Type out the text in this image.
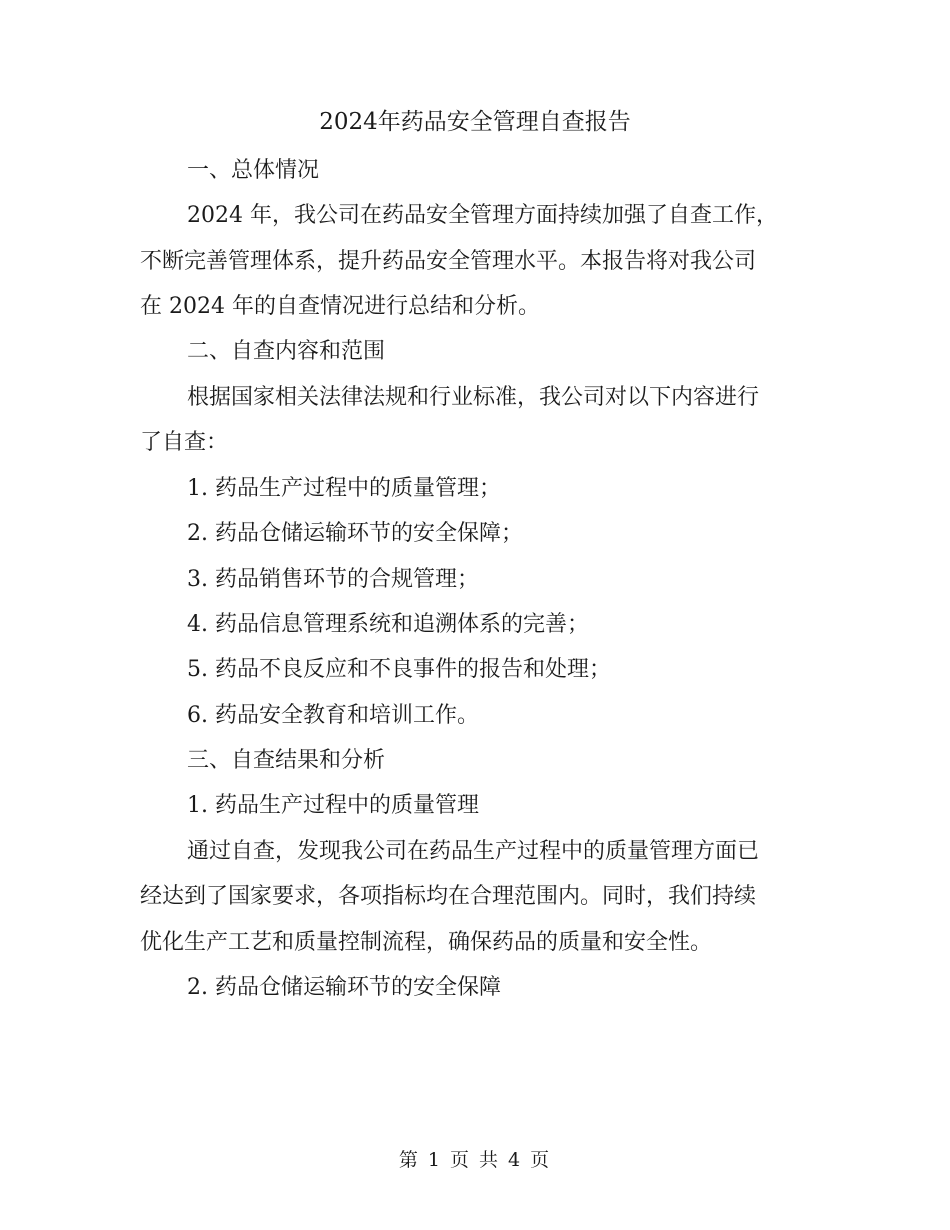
2024年药品安全管理自查报告
一、总体情况
2024 年，我公司在药品安全管理方面持续加强了自查工作，
不断完善管理体系，提升药品安全管理水平。本报告将对我公司
在 2024 年的自查情况进行总结和分析。
二、自查内容和范围
根据国家相关法律法规和行业标准，我公司对以下内容进行
了自查：
1. 药品生产过程中的质量管理；
2. 药品仓储运输环节的安全保障；
3. 药品销售环节的合规管理；
4. 药品信息管理系统和追溯体系的完善；
5. 药品不良反应和不良事件的报告和处理；
6. 药品安全教育和培训工作。
三、自查结果和分析
1. 药品生产过程中的质量管理
通过自查，发现我公司在药品生产过程中的质量管理方面已
经达到了国家要求，各项指标均在合理范围内。同时，我们持续
优化生产工艺和质量控制流程，确保药品的质量和安全性。
2. 药品仓储运输环节的安全保障
第 1 页 共 4 页
